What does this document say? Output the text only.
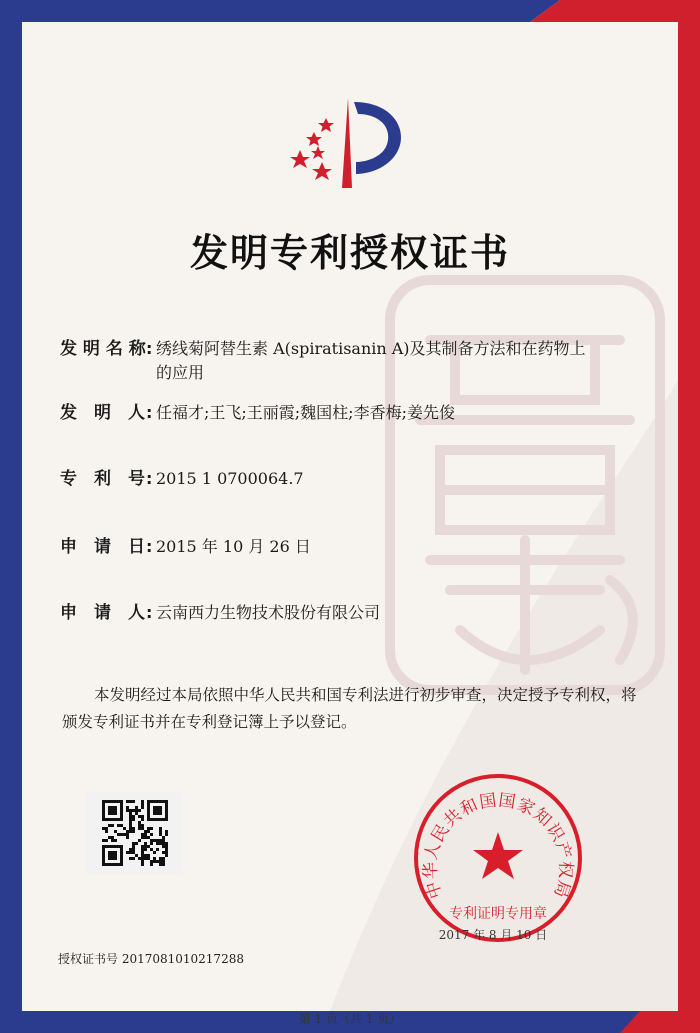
发明专利授权证书
发 明 名 称 : 绣线菊阿替生素 A(spiratisanin A)及其制备方法和在药物上
的应用
发　明　人 : 任福才;王飞;王丽霞;魏国柱;李香梅;姜先俊
专　利　号 : 2015 1 0700064.7
申　请　日 : 2015 年 10 月 26 日
申　请　人 : 云南西力生物技术股份有限公司
本发明经过本局依照中华人民共和国专利法进行初步审查，决定授予专利权，将颁发专利证书并在专利登记簿上予以登记。
中华人民共和国国家知识产权局
专利证明专用章
2017 年 8 月 10 日
授权证书号 2017081010217288
第 1 页（共 1 页）
